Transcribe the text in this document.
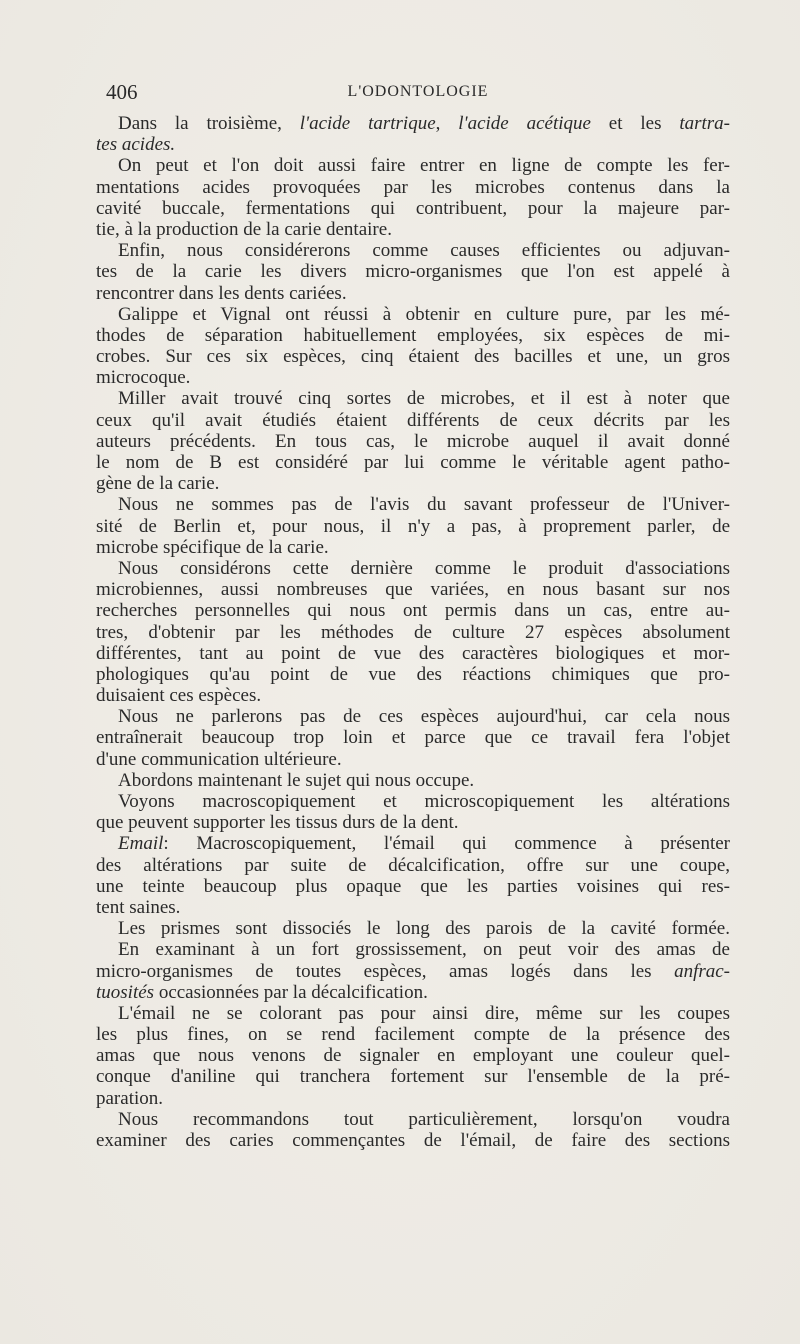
406	L'ODONTOLOGIE
Dans la troisième, l'acide tartrique, l'acide acétique et les tartra-
tes acides.
On peut et l'on doit aussi faire entrer en ligne de compte les fer-
mentations acides provoquées par les microbes contenus dans la
cavité buccale, fermentations qui contribuent, pour la majeure par-
tie, à la production de la carie dentaire.
Enfin, nous considérerons comme causes efficientes ou adjuvan-
tes de la carie les divers micro-organismes que l'on est appelé à
rencontrer dans les dents cariées.
Galippe et Vignal ont réussi à obtenir en culture pure, par les mé-
thodes de séparation habituellement employées, six espèces de mi-
crobes. Sur ces six espèces, cinq étaient des bacilles et une, un gros
microcoque.
Miller avait trouvé cinq sortes de microbes, et il est à noter que
ceux qu'il avait étudiés étaient différents de ceux décrits par les
auteurs précédents. En tous cas, le microbe auquel il avait donné
le nom de B est considéré par lui comme le véritable agent patho-
gène de la carie.
Nous ne sommes pas de l'avis du savant professeur de l'Univer-
sité de Berlin et, pour nous, il n'y a pas, à proprement parler, de
microbe spécifique de la carie.
Nous considérons cette dernière comme le produit d'associations
microbiennes, aussi nombreuses que variées, en nous basant sur nos
recherches personnelles qui nous ont permis dans un cas, entre au-
tres, d'obtenir par les méthodes de culture 27 espèces absolument
différentes, tant au point de vue des caractères biologiques et mor-
phologiques qu'au point de vue des réactions chimiques que pro-
duisaient ces espèces.
Nous ne parlerons pas de ces espèces aujourd'hui, car cela nous
entraînerait beaucoup trop loin et parce que ce travail fera l'objet
d'une communication ultérieure.
Abordons maintenant le sujet qui nous occupe.
Voyons macroscopiquement et microscopiquement les altérations
que peuvent supporter les tissus durs de la dent.
Email: Macroscopiquement, l'émail qui commence à présenter
des altérations par suite de décalcification, offre sur une coupe,
une teinte beaucoup plus opaque que les parties voisines qui res-
tent saines.
Les prismes sont dissociés le long des parois de la cavité formée.
En examinant à un fort grossissement, on peut voir des amas de
micro-organismes de toutes espèces, amas logés dans les anfrac-
tuosités occasionnées par la décalcification.
L'émail ne se colorant pas pour ainsi dire, même sur les coupes
les plus fines, on se rend facilement compte de la présence des
amas que nous venons de signaler en employant une couleur quel-
conque d'aniline qui tranchera fortement sur l'ensemble de la pré-
paration.
Nous recommandons tout particulièrement, lorsqu'on voudra
examiner des caries commençantes de l'émail, de faire des sections
